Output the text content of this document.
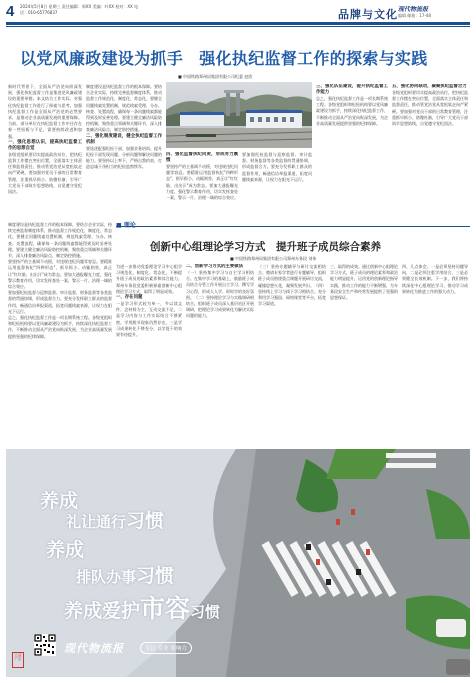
4 2024年5月8日 星期三 责任编辑：周XX 美编：叶XX 校对：XX 电话：010-65776837	品牌与文化 现代物流报
编辑 邮箱：17-48
以党风廉政建设为抓手　强化执纪监督工作的探索与实践
■ 中国铁路郑州局集团有限公司纪委 赵欣
新时代背景下，全面从严治党向纵深发展，强化执纪监督工作是推进党风廉政建设的重要举措。本文结合工作实际，对强化执纪监督工作进行了探索与思考。加强执纪监督工作是全面从严治党的必然要求，是推动企业高质量发展的重要保障。当前，部分单位在执纪监督工作中还存在着一些短板与不足，需要持续改进和加强。
一、强化思想认识，提高执纪监督工作的思想自觉
各级党组织要切实提高政治站位，把执纪监督工作摆在突出位置，全面落实主体责任和监督责任，推动管党治党从宽松软走向严紧硬。要加强对党员干部的日常教育管理，注重抓早抓小、防微杜渐，引导广大党员干部筑牢思想防线，自觉遵守党纪国法。
制度建设是执纪监督工作的根本保障。要结合企业实际，持续完善监督制度体系，推动监督工作规范化、制度化、常态化。要健全问题线索处置机制，规范线索受理、分办、核查、处置流程，确保每一条问题线索都能得到及时妥善处理。要建立健全廉洁风险防控机制，聚焦重点领域和关键环节，深入排查廉洁风险点，制定防控措施。
二、强化制度建设，健全执纪监督工作机制
要选优配强纪检干部，加强业务培训，提升纪检干部发现问题、分析问题和解决问题的能力。要坚持以上率下，严格自我约束，打造忠诚干净担当的纪检监察铁军。
四、强化监督执纪问责，形成有力震慑
要坚持严的主基调不动摇，对违规违纪问题零容忍。要精准运用监督执纪"四种形态"，抓早抓小、动辄则咎，真正让"红红脸、出出汗"成为常态。要加大通报曝光力度，强化警示教育作用，切实发挥查处一案、警示一片、治理一域的综合效应。
要加强纪检监督与巡察监督、审计监督、财务监督等各类监督的贯通协调，形成监督合力。要充分发挥职工群众的监督作用，畅通信访举报渠道，拓宽问题线索来源，让权力在阳光下运行。
三、强化队伍建设，提升执纪监督工作能力
总之，强化执纪监督工作是一项长期系统工程。各级党组织和纪检机构要以党风廉政建设为抓手，持续深化执纪监督工作，不断推动全面从严治党向纵深发展，为企业高质量发展提供坚强的纪律保障。
五、强化协同联动，凝聚执纪监督合力
各级党组织要切实提高政治站位，把执纪监督工作摆在突出位置，全面落实主体责任和监督责任，推动管党治党从宽松软走向严紧硬。要加强对党员干部的日常教育管理，注重抓早抓小、防微杜渐，引导广大党员干部筑牢思想防线，自觉遵守党纪国法。
制度建设是执纪监督工作的根本保障。要结合企业实际，持续完善监督制度体系，推动监督工作规范化、制度化、常态化。要健全问题线索处置机制，规范线索受理、分办、核查、处置流程，确保每一条问题线索都能得到及时妥善处理。要建立健全廉洁风险防控机制，聚焦重点领域和关键环节，深入排查廉洁风险点，制定防控措施。
要坚持严的主基调不动摇，对违规违纪问题零容忍。要精准运用监督执纪"四种形态"，抓早抓小、动辄则咎，真正让"红红脸、出出汗"成为常态。要加大通报曝光力度，强化警示教育作用，切实发挥查处一案、警示一片、治理一域的综合效应。
要加强纪检监督与巡察监督、审计监督、财务监督等各类监督的贯通协调，形成监督合力。要充分发挥职工群众的监督作用，畅通信访举报渠道，拓宽问题线索来源，让权力在阳光下运行。
总之，强化执纪监督工作是一项长期系统工程。各级党组织和纪检机构要以党风廉政建设为抓手，持续深化执纪监督工作，不断推动全面从严治党向纵深发展，为企业高质量发展提供坚强的纪律保障。
创新中心组理论学习方式　提升班子成员综合素养
■ 中国铁路郑州局集团有限公司郑州车务段 刘伟
为进一步推动党委理论学习中心组学习规范化、制度化、常态化，不断提升班子成员的政治素养和综合能力，郑州车务段党委积极探索创新中心组理论学习方式，取得了明显成效。
一、存在问题
一是学习形式较为单一，多以读文件、念材料为主，互动交流不足。二是学习内容与工作实际结合不够紧密，学用脱节现象仍然存在。三是学习成果转化不够充分，以学促干的效果有待提升。
二、创新学习方式的主要做法
（一）坚持集中学习与自主学习相结合。在集中学习的基础上，鼓励班子成员结合分管工作开展自主学习，撰写学习心得，形成人人学、时时学的良好氛围。（二）坚持理论学习与实践调研相结合。组织班子成员深入基层站区开展调研，把理论学习成果转化为解决实际问题的能力。
（三）坚持专题辅导与研讨交流相结合。邀请专家学者进行专题辅导，组织班子成员围绕重点课题开展研讨交流，碰撞思想火花，凝聚发展共识。（四）坚持线上学习与线下学习相结合。充分利用学习强国、网络课堂等平台，拓宽学习渠道。
三、取得的成效。通过创新中心组理论学习方式，班子成员的理论素养和政治能力明显提升，运用党的创新理论指导实践、推动工作的能力不断增强，为车务段安全生产和经营发展提供了坚强的思想保证。
四、几点体会。一是必须坚持问题导向，二是必须注重学用结合，三是必须健全长效机制。下一步，我们将持续深化中心组理论学习，推动学习成果转化为推进工作的强大动力。
养成
礼让通行习惯
养成
排队办事习惯
养成爱护市容习惯
现代物流报	专注 专业 影响力
公益广告
